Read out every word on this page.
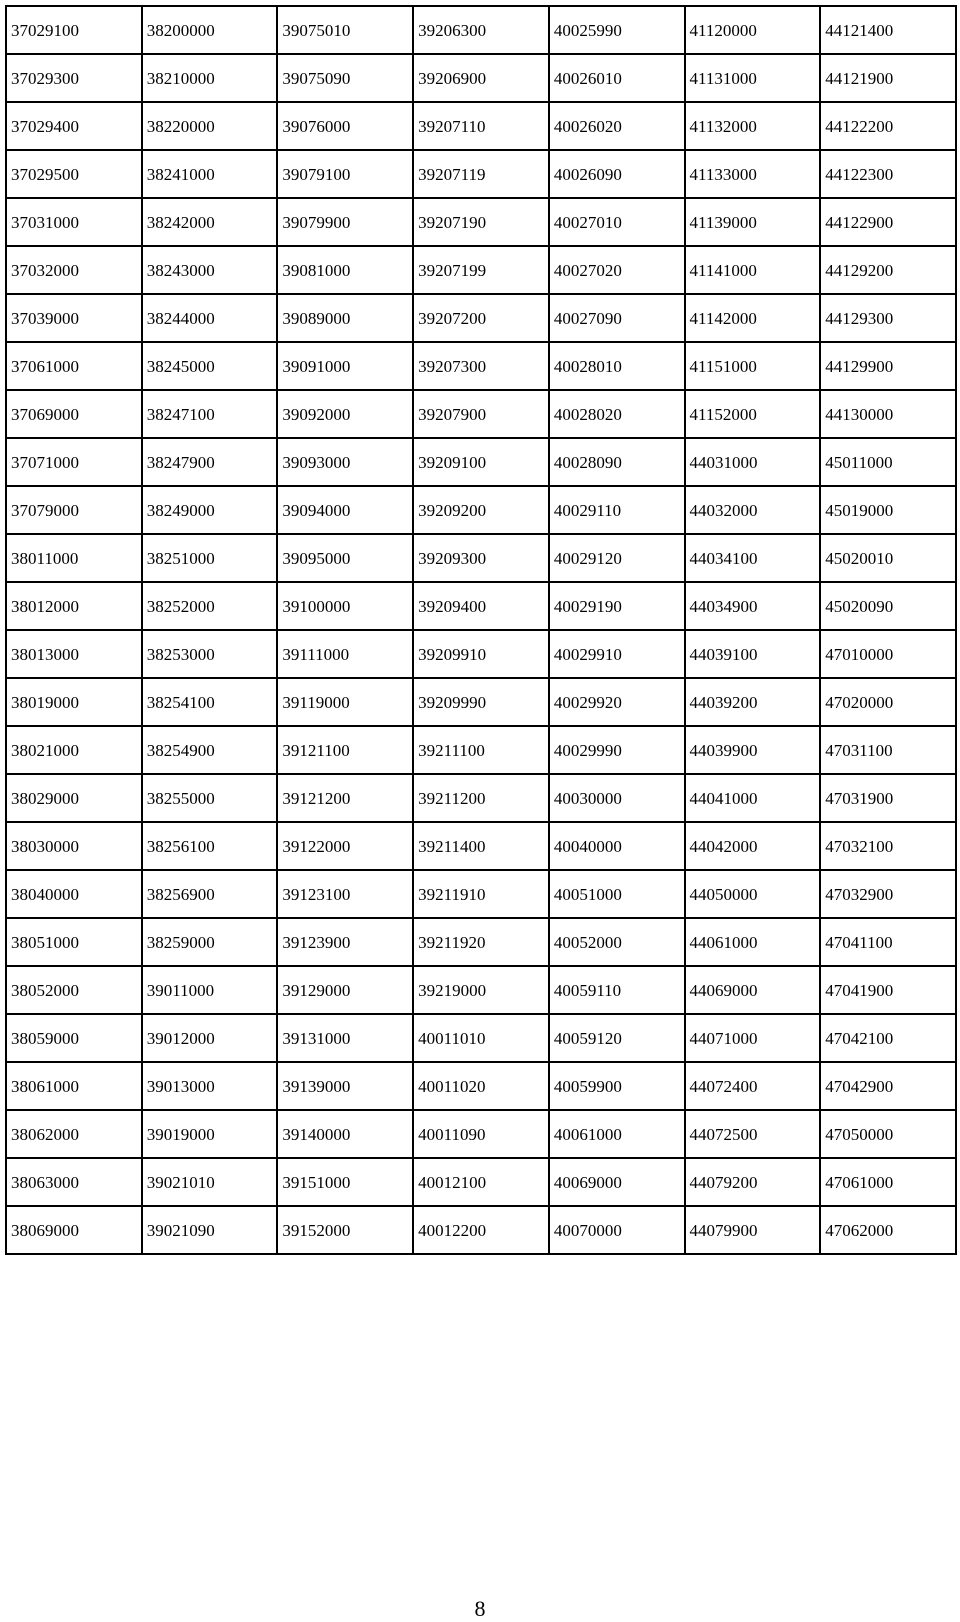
37029100	38200000	39075010	39206300	40025990	41120000	44121400
37029300	38210000	39075090	39206900	40026010	41131000	44121900
37029400	38220000	39076000	39207110	40026020	41132000	44122200
37029500	38241000	39079100	39207119	40026090	41133000	44122300
37031000	38242000	39079900	39207190	40027010	41139000	44122900
37032000	38243000	39081000	39207199	40027020	41141000	44129200
37039000	38244000	39089000	39207200	40027090	41142000	44129300
37061000	38245000	39091000	39207300	40028010	41151000	44129900
37069000	38247100	39092000	39207900	40028020	41152000	44130000
37071000	38247900	39093000	39209100	40028090	44031000	45011000
37079000	38249000	39094000	39209200	40029110	44032000	45019000
38011000	38251000	39095000	39209300	40029120	44034100	45020010
38012000	38252000	39100000	39209400	40029190	44034900	45020090
38013000	38253000	39111000	39209910	40029910	44039100	47010000
38019000	38254100	39119000	39209990	40029920	44039200	47020000
38021000	38254900	39121100	39211100	40029990	44039900	47031100
38029000	38255000	39121200	39211200	40030000	44041000	47031900
38030000	38256100	39122000	39211400	40040000	44042000	47032100
38040000	38256900	39123100	39211910	40051000	44050000	47032900
38051000	38259000	39123900	39211920	40052000	44061000	47041100
38052000	39011000	39129000	39219000	40059110	44069000	47041900
38059000	39012000	39131000	40011010	40059120	44071000	47042100
38061000	39013000	39139000	40011020	40059900	44072400	47042900
38062000	39019000	39140000	40011090	40061000	44072500	47050000
38063000	39021010	39151000	40012100	40069000	44079200	47061000
38069000	39021090	39152000	40012200	40070000	44079900	47062000
8
